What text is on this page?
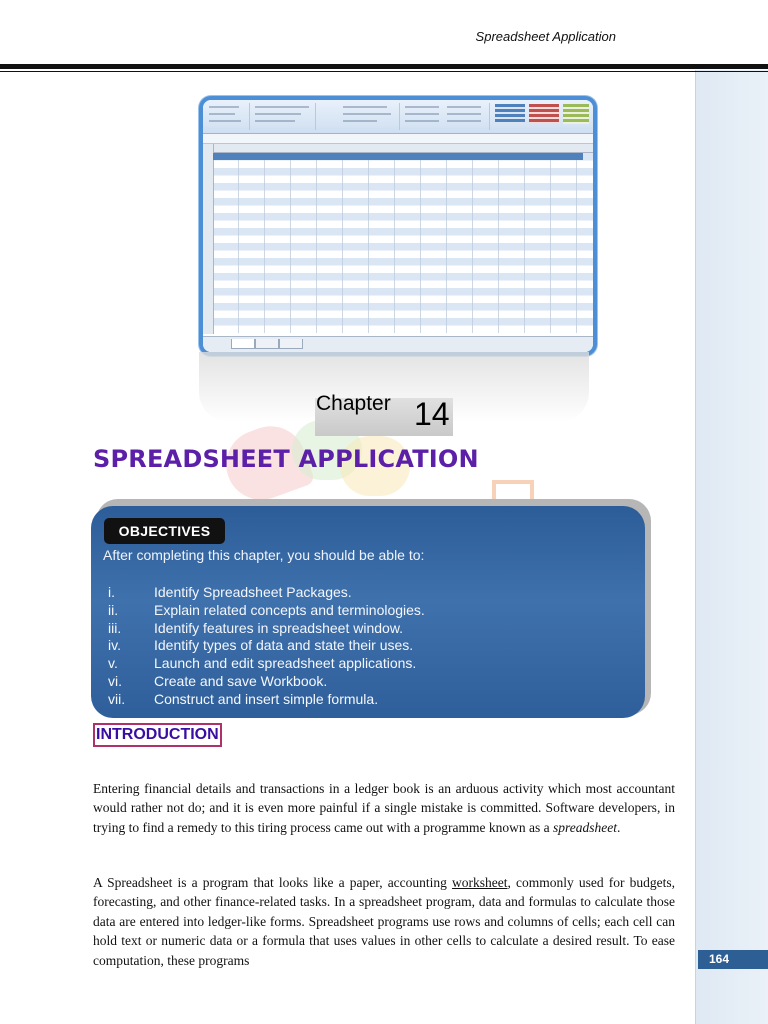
Spreadsheet Application
Chapter 14
SPREADSHEET APPLICATION
OBJECTIVES
After completing this chapter, you should be able to:
i.	Identify Spreadsheet Packages.
ii.	Explain related concepts and terminologies.
iii. Identify features in spreadsheet window.
iv. Identify types of data and state their uses.
v.	Launch and edit spreadsheet applications.
vi. Create and save Workbook.
vii. Construct and insert simple formula.
INTRODUCTION

Entering financial details and transactions in a ledger book is an arduous activity which most accountant would rather not do; and it is even more painful if a single mistake is committed. Software developers, in trying to find a remedy to this tiring process came out with a programme known as a spreadsheet.

A Spreadsheet is a program that looks like a paper, accounting worksheet, commonly used for budgets, forecasting, and other finance-related tasks. In a spreadsheet program, data and formulas to calculate those data are entered into ledger-like forms. Spreadsheet programs use rows and columns of cells; each cell can hold text or numeric data or a formula that uses values in other cells to calculate a desired result. To ease computation, these programs	164
